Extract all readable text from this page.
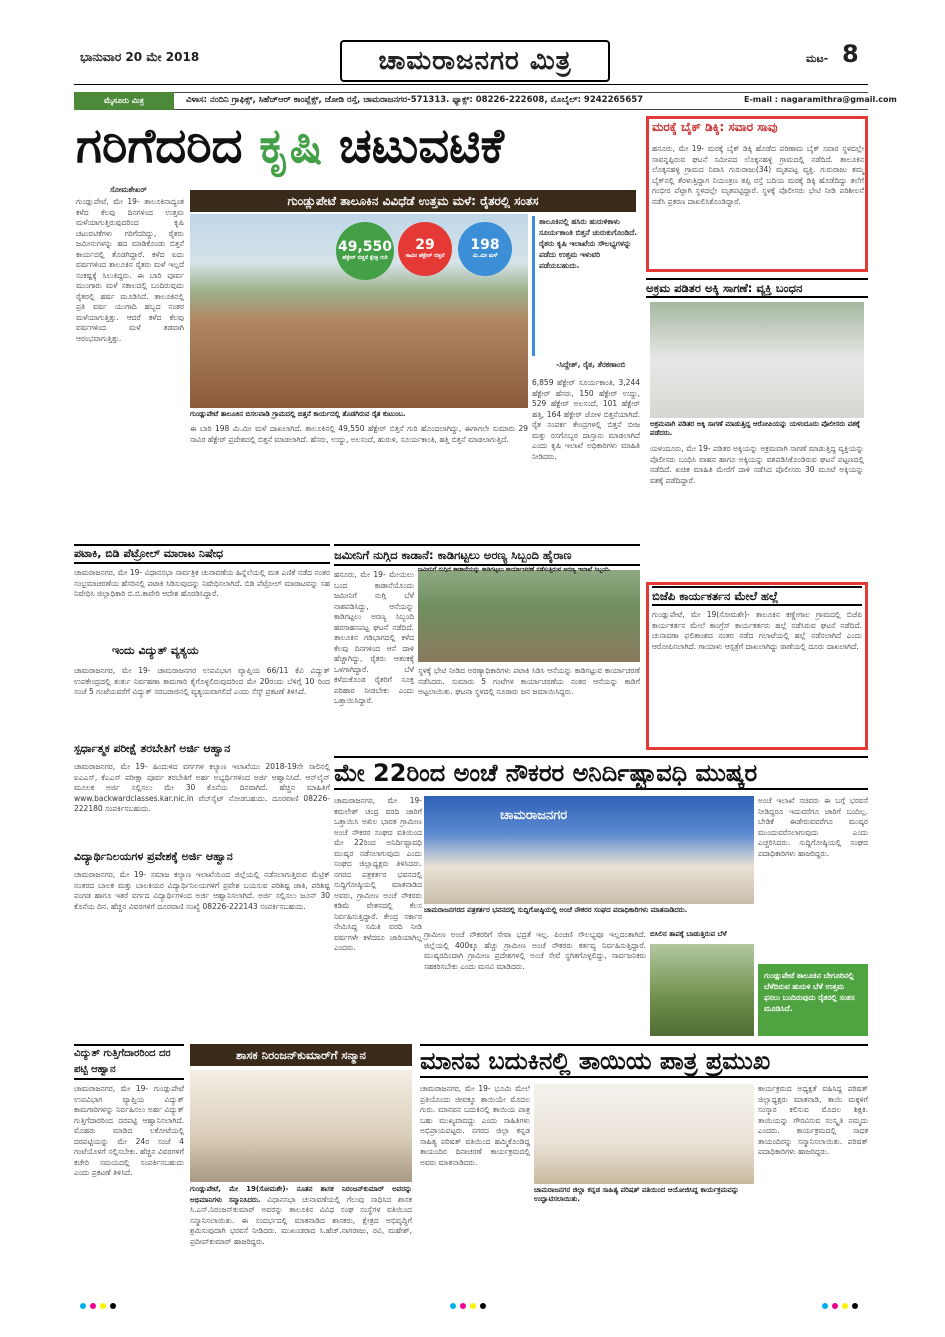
ಭಾನುವಾರ 20 ಮೇ 2018	ಚಾಮರಾಜನಗರ ಮಿತ್ರ	ಮಟ- 8
ಮೈಸೂರು ಮಿತ್ರ	ವಿಳಾಸ: ನಂದಿನಿ ಗ್ರಾಫಿಕ್ಸ್, ಸಿಹೆಚ್‌ಆರ್ ಕಾಂಪ್ಲೆಕ್ಸ್, ಜೋಡಿ ರಸ್ತೆ, ಚಾಮರಾಜನಗರ-571313. ಫ್ಯಾಕ್ಸ್: 08226-222608, ಮೊಬೈಲ್: 9242265657	E-mail : nagaramithra@gmail.com
ಗರಿಗೆದರಿದ ಕೃಷಿ ಚಟುವಟಿಕೆ
ಗುಂಡ್ಲುಪೇಟೆ ತಾಲೂಕಿನ ವಿವಿಧೆಡೆ ಉತ್ತಮ ಮಳೆ: ರೈತರಲ್ಲಿ ಸಂತಸ
ಸೋಮಶೇಖರ್
ಗುಂಡ್ಲುಪೇಟೆ, ಮೇ 19- ತಾಲೂಕಿನಾದ್ಯಂತ ಕಳೆದ ಕೆಲವು ದಿನಗಳಿಂದ ಉತ್ತಮ ಮಳೆಯಾಗುತ್ತಿರುವುದರಿಂದ ಕೃಷಿ ಚಟುವಟಿಕೆಗಳು ಗರಿಗೆದರಿದ್ದು, ರೈತರು ಜಮೀನುಗಳನ್ನು ಹದ ಮಾಡಿಕೊಂಡು ಬಿತ್ತನೆ ಕಾರ್ಯದಲ್ಲಿ ತೊಡಗಿದ್ದಾರೆ. ಕಳೆದ ಐದು ವರ್ಷಗಳಿಂದ ತಾಲೂಕಿನ ರೈತರು ಮಳೆ ಇಲ್ಲದೆ ಸಂಕಷ್ಟಕ್ಕೆ ಸಿಲುಕಿದ್ದರು. ಈ ಬಾರಿ ಪೂರ್ವ ಮುಂಗಾರು ಮಳೆ ಸಕಾಲದಲ್ಲಿ ಬಂದಿರುವುದು ರೈತರಲ್ಲಿ ಹರ್ಷ ಮೂಡಿಸಿದೆ. ತಾಲೂಕಿನಲ್ಲಿ ಪ್ರತಿ ವರ್ಷ ಯುಗಾದಿ ಹಬ್ಬದ ನಂತರ ಮಳೆಯಾಗುತ್ತಿತ್ತು. ಆದರೆ ಕಳೆದ ಕೆಲವು ವರ್ಷಗಳಿಂದ ಮಳೆ ತಡವಾಗಿ ಆರಂಭವಾಗುತ್ತಿತ್ತು.
49,550
ಹೆಕ್ಟೇರ್ ಬಿತ್ತನೆ ಕ್ಷೇತ್ರ ಗುರಿ
29
ಸಾವಿರ ಹೆಕ್ಟೇರ್ ಬಿತ್ತನೆ
198
ಮಿ.ಮೀ ಮಳೆ
ಗುಂಡ್ಲುಪೇಟೆ ತಾಲೂಕಿನ ಬಿಸಲವಾಡಿ ಗ್ರಾಮದಲ್ಲಿ ಬಿತ್ತನೆ ಕಾರ್ಯದಲ್ಲಿ ತೊಡಗಿರುವ ರೈತ ಕುಟುಂಬ.
ತಾಲೂಕಿನಲ್ಲಿ ಹಸಿರು ಹುರುಳಿಕಾಳು ಸೂರ್ಯಕಾಂತಿ ಬಿತ್ತನೆ ಚುರುಕುಗೊಂಡಿದೆ. ರೈತರು ಕೃಷಿ ಇಲಾಖೆಯ ಸೌಲಭ್ಯಗಳನ್ನು ಪಡೆದು ಉತ್ತಮ ಇಳುವರಿ ಪಡೆಯಬಹುದು.
-ಸಿದ್ದೇಶ್, ರೈತ, ತೆರಕಣಾಂಬಿ
6,859 ಹೆಕ್ಟೇರ್ ಸೂರ್ಯಕಾಂತಿ, 3,244 ಹೆಕ್ಟೇರ್ ಹೆಸರು, 150 ಹೆಕ್ಟೇರ್ ಉದ್ದು, 529 ಹೆಕ್ಟೇರ್ ಅಲಸಂದೆ, 101 ಹೆಕ್ಟೇರ್ ಹತ್ತಿ, 164 ಹೆಕ್ಟೇರ್ ಜೋಳ ಬಿತ್ತನೆಯಾಗಿದೆ. ರೈತ ಸಂಪರ್ಕ ಕೇಂದ್ರಗಳಲ್ಲಿ ಬಿತ್ತನೆ ಬೀಜ ಮತ್ತು ರಸಗೊಬ್ಬರ ದಾಸ್ತಾನು ಮಾಡಲಾಗಿದೆ ಎಂದು ಕೃಷಿ ಇಲಾಖೆ ಅಧಿಕಾರಿಗಳು ಮಾಹಿತಿ ನೀಡಿದರು.
ಈ ಬಾರಿ 198 ಮಿ.ಮೀ ಮಳೆ ದಾಖಲಾಗಿದೆ. ತಾಲೂಕಿನಲ್ಲಿ 49,550 ಹೆಕ್ಟೇರ್ ಬಿತ್ತನೆ ಗುರಿ ಹೊಂದಲಾಗಿದ್ದು, ಈಗಾಗಲೇ ಸುಮಾರು 29 ಸಾವಿರ ಹೆಕ್ಟೇರ್ ಪ್ರದೇಶದಲ್ಲಿ ಬಿತ್ತನೆ ಮಾಡಲಾಗಿದೆ. ಹೆಸರು, ಉದ್ದು, ಅಲಸಂದೆ, ಹುರುಳಿ, ಸೂರ್ಯಕಾಂತಿ, ಹತ್ತಿ ಬಿತ್ತನೆ ಮಾಡಲಾಗುತ್ತಿದೆ.
ಮರಕ್ಕೆ ಬೈಕ್ ಡಿಕ್ಕಿ: ಸವಾರ ಸಾವು
ಹನೂರು, ಮೇ 19- ಮರಕ್ಕೆ ಬೈಕ್ ಡಿಕ್ಕಿ ಹೊಡೆದ ಪರಿಣಾಮ ಬೈಕ್ ಸವಾರ ಸ್ಥಳದಲ್ಲೇ ಸಾವನ್ನಪ್ಪಿರುವ ಘಟನೆ ಸಮೀಪದ ಲೊಕ್ಕನಹಳ್ಳಿ ಗ್ರಾಮದಲ್ಲಿ ನಡೆದಿದೆ. ತಾಲೂಕಿನ ಲೊಕ್ಕನಹಳ್ಳಿ ಗ್ರಾಮದ ನಿವಾಸಿ ಗುರುರಾಜು(34) ಮೃತಪಟ್ಟ ವ್ಯಕ್ತಿ. ಗುರುರಾಜು ತಮ್ಮ ಬೈಕ್‌ನಲ್ಲಿ ತೆರಳುತ್ತಿದ್ದಾಗ ನಿಯಂತ್ರಣ ತಪ್ಪಿ ರಸ್ತೆ ಬದಿಯ ಮರಕ್ಕೆ ಡಿಕ್ಕಿ ಹೊಡೆದಿದ್ದು ತಲೆಗೆ ಗಂಭೀರ ಪೆಟ್ಟಾಗಿ ಸ್ಥಳದಲ್ಲೇ ಮೃತಪಟ್ಟಿದ್ದಾರೆ. ಸ್ಥಳಕ್ಕೆ ಪೊಲೀಸರು ಭೇಟಿ ನೀಡಿ ಪರಿಶೀಲನೆ ನಡೆಸಿ ಪ್ರಕರಣ ದಾಖಲಿಸಿಕೊಂಡಿದ್ದಾರೆ.
ಅಕ್ರಮ ಪಡಿತರ ಅಕ್ಕಿ ಸಾಗಣೆ: ವ್ಯಕ್ತಿ ಬಂಧನ
ಅಕ್ರಮವಾಗಿ ಪಡಿತರ ಅಕ್ಕಿ ಸಾಗಣೆ ಮಾಡುತ್ತಿದ್ದ ಆರೋಪಿಯನ್ನು ಯಳಂದೂರು ಪೊಲೀಸರು ವಶಕ್ಕೆ ಪಡೆದರು.
ಯಳಂದೂರು, ಮೇ 19- ಪಡಿತರ ಅಕ್ಕಿಯನ್ನು ಅಕ್ರಮವಾಗಿ ಸಾಗಣೆ ಮಾಡುತ್ತಿದ್ದ ವ್ಯಕ್ತಿಯನ್ನು ಪೊಲೀಸರು ಬಂಧಿಸಿ ವಾಹನ ಹಾಗೂ ಅಕ್ಕಿಯನ್ನು ವಶಪಡಿಸಿಕೊಂಡಿರುವ ಘಟನೆ ಪಟ್ಟಣದಲ್ಲಿ ನಡೆದಿದೆ. ಖಚಿತ ಮಾಹಿತಿ ಮೇರೆಗೆ ದಾಳಿ ನಡೆಸಿದ ಪೊಲೀಸರು 30 ಮೂಟೆ ಅಕ್ಕಿಯನ್ನು ವಶಕ್ಕೆ ಪಡೆದಿದ್ದಾರೆ.
ಬಿಜೆಪಿ ಕಾರ್ಯಕರ್ತನ ಮೇಲೆ ಹಲ್ಲೆ
ಗುಂಡ್ಲುಪೇಟೆ, ಮೇ 19(ಸೋಮಶೇ)- ತಾಲೂಕಿನ ಕಣ್ಣೇಗಾಲ ಗ್ರಾಮದಲ್ಲಿ ಬಿಜೆಪಿ ಕಾರ್ಯಕರ್ತನ ಮೇಲೆ ಕಾಂಗ್ರೆಸ್ ಕಾರ್ಯಕರ್ತರು ಹಲ್ಲೆ ನಡೆಸಿರುವ ಘಟನೆ ನಡೆದಿದೆ. ಚುನಾವಣಾ ಫಲಿತಾಂಶದ ನಂತರ ನಡೆದ ಗಲಾಟೆಯಲ್ಲಿ ಹಲ್ಲೆ ನಡೆಸಲಾಗಿದೆ ಎಂದು ಆರೋಪಿಸಲಾಗಿದೆ. ಗಾಯಾಳು ಆಸ್ಪತ್ರೆಗೆ ದಾಖಲಾಗಿದ್ದು ಠಾಣೆಯಲ್ಲಿ ದೂರು ದಾಖಲಾಗಿದೆ.
ಪಟಾಕಿ, ಬಿಡಿ ಪೆಟ್ರೋಲ್ ಮಾರಾಟ ನಿಷೇಧ
ಚಾಮರಾಜನಗರ, ಮೇ 19- ವಿಧಾನಸಭಾ ಸಾರ್ವತ್ರಿಕ ಚುನಾವಣೆಯ ಹಿನ್ನೆಲೆಯಲ್ಲಿ ಮತ ಎಣಿಕೆ ನಡೆದ ನಂತರ ಸಂಭ್ರಮಾಚರಣೆಯ ಹೆಸರಿನಲ್ಲಿ ಪಟಾಕಿ ಸಿಡಿಸುವುದನ್ನು ನಿಷೇಧಿಸಲಾಗಿದೆ. ಬಿಡಿ ಪೆಟ್ರೋಲ್ ಮಾರಾಟವನ್ನು ಸಹ ನಿಷೇಧಿಸಿ ಜಿಲ್ಲಾಧಿಕಾರಿ ಬಿ.ಬಿ.ಕಾವೇರಿ ಆದೇಶ ಹೊರಡಿಸಿದ್ದಾರೆ.
ಇಂದು ವಿದ್ಯುತ್ ವ್ಯತ್ಯಯ
ಚಾಮರಾಜನಗರ, ಮೇ 19- ಚಾಮರಾಜನಗರ ಉಪವಿಭಾಗ ವ್ಯಾಪ್ತಿಯ 66/11 ಕೆವಿ ವಿದ್ಯುತ್ ಉಪಕೇಂದ್ರದಲ್ಲಿ ತುರ್ತು ನಿರ್ವಹಣಾ ಕಾಮಗಾರಿ ಕೈಗೊಳ್ಳಲಿರುವುದರಿಂದ ಮೇ 20ರಂದು ಬೆಳಿಗ್ಗೆ 10 ರಿಂದ ಸಂಜೆ 5 ಗಂಟೆಯವರೆಗೆ ವಿದ್ಯುತ್ ಸರಬರಾಜಿನಲ್ಲಿ ವ್ಯತ್ಯಯವಾಗಲಿದೆ ಎಂದು ಸೆಸ್ಕ್ ಪ್ರಕಟಣೆ ತಿಳಿಸಿದೆ.
ಸ್ಪರ್ಧಾತ್ಮಕ ಪರೀಕ್ಷೆ ತರಬೇತಿಗೆ ಅರ್ಜಿ ಆಹ್ವಾನ
ಚಾಮರಾಜನಗರ, ಮೇ 19- ಹಿಂದುಳಿದ ವರ್ಗಗಳ ಕಲ್ಯಾಣ ಇಲಾಖೆಯು 2018-19ನೇ ಸಾಲಿನಲ್ಲಿ ಐಎಎಸ್, ಕೆಎಎಸ್ ಪರೀಕ್ಷಾ ಪೂರ್ವ ತರಬೇತಿಗೆ ಅರ್ಹ ಅಭ್ಯರ್ಥಿಗಳಿಂದ ಅರ್ಜಿ ಆಹ್ವಾನಿಸಿದೆ. ಆನ್‌ಲೈನ್ ಮೂಲಕ ಅರ್ಜಿ ಸಲ್ಲಿಸಲು ಮೇ 30 ಕೊನೆಯ ದಿನವಾಗಿದೆ. ಹೆಚ್ಚಿನ ಮಾಹಿತಿಗೆ www.backwardclasses.kar.nic.in ವೆಬ್‌ಸೈಟ್ ನೋಡಬಹುದು. ದೂರವಾಣಿ 08226-222180 ಸಂಪರ್ಕಿಸಬಹುದು.
ವಿದ್ಯಾರ್ಥಿನಿಲಯಗಳ ಪ್ರವೇಶಕ್ಕೆ ಅರ್ಜಿ ಆಹ್ವಾನ
ಚಾಮರಾಜನಗರ, ಮೇ 19- ಸಮಾಜ ಕಲ್ಯಾಣ ಇಲಾಖೆಯಿಂದ ಜಿಲ್ಲೆಯಲ್ಲಿ ನಡೆಸಲಾಗುತ್ತಿರುವ ಮೆಟ್ರಿಕ್ ನಂತರದ ಬಾಲಕ ಮತ್ತು ಬಾಲಕಿಯರ ವಿದ್ಯಾರ್ಥಿನಿಲಯಗಳಿಗೆ ಪ್ರವೇಶ ಬಯಸುವ ಪರಿಶಿಷ್ಟ ಜಾತಿ, ಪರಿಶಿಷ್ಟ ಪಂಗಡ ಹಾಗೂ ಇತರೆ ವರ್ಗದ ವಿದ್ಯಾರ್ಥಿಗಳಿಂದ ಅರ್ಜಿ ಆಹ್ವಾನಿಸಲಾಗಿದೆ. ಅರ್ಜಿ ಸಲ್ಲಿಸಲು ಜೂನ್ 30 ಕೊನೆಯ ದಿನ. ಹೆಚ್ಚಿನ ವಿವರಗಳಿಗೆ ದೂರವಾಣಿ ಸಂಖ್ಯೆ 08226-222143 ಸಂಪರ್ಕಿಸಬಹುದು.
ಜಮೀನಿಗೆ ನುಗ್ಗಿದ ಕಾಡಾನೆ: ಕಾಡಿಗಟ್ಟಲು ಅರಣ್ಯ ಸಿಬ್ಬಂದಿ ಹೈರಾಣ
ಹನೂರು, ಮೇ 19- ಮೇಯಲು ಬಂದ ಕಾಡಾನೆಯೊಂದು ಜಮೀನಿಗೆ ನುಗ್ಗಿ ಬೆಳೆ ನಾಶಪಡಿಸಿದ್ದು, ಆನೆಯನ್ನು ಕಾಡಿಗಟ್ಟಲು ಅರಣ್ಯ ಸಿಬ್ಬಂದಿ ಹರಸಾಹಸಪಟ್ಟ ಘಟನೆ ನಡೆದಿದೆ. ತಾಲೂಕಿನ ಗಡಿಭಾಗದಲ್ಲಿ ಕಳೆದ ಕೆಲವು ದಿನಗಳಿಂದ ಆನೆ ದಾಳಿ ಹೆಚ್ಚಾಗಿದ್ದು, ರೈತರು ಆತಂಕಕ್ಕೆ ಒಳಗಾಗಿದ್ದಾರೆ. ಬೆಳೆ ಕಳೆದುಕೊಂಡ ರೈತರಿಗೆ ಸೂಕ್ತ ಪರಿಹಾರ ನೀಡಬೇಕು ಎಂದು ಒತ್ತಾಯಿಸಿದ್ದಾರೆ.
ಜಮೀನಿಗೆ ನುಗ್ಗಿದ ಕಾಡಾನೆಯನ್ನು ಕಾಡಿಗಟ್ಟಲು ಕಾರ್ಯಾಚರಣೆ ನಡೆಸುತ್ತಿರುವ ಅರಣ್ಯ ಇಲಾಖೆ ಸಿಬ್ಬಂದಿ.
ಸ್ಥಳಕ್ಕೆ ಭೇಟಿ ನೀಡಿದ ಅರಣ್ಯಾಧಿಕಾರಿಗಳು ಪಟಾಕಿ ಸಿಡಿಸಿ ಆನೆಯನ್ನು ಕಾಡಿಗಟ್ಟುವ ಕಾರ್ಯಾಚರಣೆ ನಡೆಸಿದರು. ಸುಮಾರು 5 ಗಂಟೆಗಳ ಕಾರ್ಯಾಚರಣೆಯ ನಂತರ ಆನೆಯನ್ನು ಕಾಡಿಗೆ ಅಟ್ಟಲಾಯಿತು. ಘಟನಾ ಸ್ಥಳದಲ್ಲಿ ನೂರಾರು ಜನ ಜಮಾಯಿಸಿದ್ದರು.
ಮೇ 22ರಿಂದ ಅಂಚೆ ನೌಕರರ ಅನಿರ್ದಿಷ್ಟಾವಧಿ ಮುಷ್ಕರ
ಚಾಮರಾಜನಗರ, ಮೇ 19- ಕಮಲೇಶ್ ಚಂದ್ರ ವರದಿ ಜಾರಿಗೆ ಒತ್ತಾಯಿಸಿ ಅಖಿಲ ಭಾರತ ಗ್ರಾಮೀಣ ಅಂಚೆ ನೌಕರರ ಸಂಘದ ವತಿಯಿಂದ ಮೇ 22ರಿಂದ ಅನಿರ್ದಿಷ್ಟಾವಧಿ ಮುಷ್ಕರ ನಡೆಸಲಾಗುವುದು ಎಂದು ಸಂಘದ ಜಿಲ್ಲಾಧ್ಯಕ್ಷರು ತಿಳಿಸಿದರು. ನಗರದ ಪತ್ರಕರ್ತರ ಭವನದಲ್ಲಿ ಸುದ್ದಿಗೋಷ್ಠಿಯಲ್ಲಿ ಮಾತನಾಡಿದ ಅವರು, ಗ್ರಾಮೀಣ ಅಂಚೆ ನೌಕರರು ಕಡಿಮೆ ವೇತನದಲ್ಲಿ ಕೆಲಸ ನಿರ್ವಹಿಸುತ್ತಿದ್ದಾರೆ. ಕೇಂದ್ರ ಸರ್ಕಾರ ನೇಮಿಸಿದ್ದ ಸಮಿತಿ ವರದಿ ನೀಡಿ ವರ್ಷಗಳೇ ಕಳೆದರೂ ಜಾರಿಯಾಗಿಲ್ಲ ಎಂದರು.
ಚಾಮರಾಜನಗರ
ಅಂಚೆ ಇಲಾಖೆ ಸಚಿವರು ಈ ಬಗ್ಗೆ ಭರವಸೆ ನೀಡಿದ್ದರೂ ಇದುವರೆಗೂ ಜಾರಿಗೆ ಬಂದಿಲ್ಲ. ಬೇಡಿಕೆ ಈಡೇರುವವರೆಗೂ ಮುಷ್ಕರ ಮುಂದುವರೆಸಲಾಗುವುದು ಎಂದು ಎಚ್ಚರಿಸಿದರು. ಸುದ್ದಿಗೋಷ್ಠಿಯಲ್ಲಿ ಸಂಘದ ಪದಾಧಿಕಾರಿಗಳು ಹಾಜರಿದ್ದರು.
ಚಾಮರಾಜನಗರದ ಪತ್ರಕರ್ತರ ಭವನದಲ್ಲಿ ಸುದ್ದಿಗೋಷ್ಠಿಯಲ್ಲಿ ಅಂಚೆ ನೌಕರರ ಸಂಘದ ಪದಾಧಿಕಾರಿಗಳು ಮಾತನಾಡಿದರು.
ಗ್ರಾಮೀಣ ಅಂಚೆ ನೌಕರರಿಗೆ ಸೇವಾ ಭದ್ರತೆ ಇಲ್ಲ. ಪಿಂಚಣಿ ಸೌಲಭ್ಯವೂ ಇಲ್ಲದಂತಾಗಿದೆ. ಜಿಲ್ಲೆಯಲ್ಲಿ 400ಕ್ಕೂ ಹೆಚ್ಚು ಗ್ರಾಮೀಣ ಅಂಚೆ ನೌಕರರು ಕರ್ತವ್ಯ ನಿರ್ವಹಿಸುತ್ತಿದ್ದಾರೆ. ಮುಷ್ಕರದಿಂದಾಗಿ ಗ್ರಾಮೀಣ ಪ್ರದೇಶಗಳಲ್ಲಿ ಅಂಚೆ ಸೇವೆ ಸ್ಥಗಿತಗೊಳ್ಳಲಿದ್ದು, ಸಾರ್ವಜನಿಕರು ಸಹಕರಿಸಬೇಕು ಎಂದು ಮನವಿ ಮಾಡಿದರು.
ಬಿಸಿಲಿನ ತಾಪಕ್ಕೆ ಬಾಡುತ್ತಿರುವ ಬೆಳೆ
ಗುಂಡ್ಲುಪೇಟೆ ತಾಲೂಕಿನ ಬೇಗೂರಿನಲ್ಲಿ ಬೆಳೆದಿರುವ ಹುರುಳಿ ಬೆಳೆ ಉತ್ತಮ ಫಸಲು ಬಂದಿರುವುದು ರೈತರಲ್ಲಿ ಸಂತಸ ಮೂಡಿಸಿದೆ.
ವಿದ್ಯುತ್ ಗುತ್ತಿಗೆದಾರರಿಂದ ದರ ಪಟ್ಟಿ ಆಹ್ವಾನ
ಚಾಮರಾಜನಗರ, ಮೇ 19- ಗುಂಡ್ಲುಪೇಟೆ ಉಪವಿಭಾಗ ವ್ಯಾಪ್ತಿಯ ವಿದ್ಯುತ್ ಕಾಮಗಾರಿಗಳನ್ನು ನಿರ್ವಹಿಸಲು ಅರ್ಹ ವಿದ್ಯುತ್ ಗುತ್ತಿಗೆದಾರರಿಂದ ದರಪಟ್ಟಿ ಆಹ್ವಾನಿಸಲಾಗಿದೆ. ಮೊಹರು ಮಾಡಿದ ಲಕೋಟೆಯಲ್ಲಿ ದರಪಟ್ಟಿಯನ್ನು ಮೇ 24ರ ಸಂಜೆ 4 ಗಂಟೆಯೊಳಗೆ ಸಲ್ಲಿಸಬೇಕು. ಹೆಚ್ಚಿನ ವಿವರಗಳಿಗೆ ಕಚೇರಿ ಸಮಯದಲ್ಲಿ ಸಂಪರ್ಕಿಸಬಹುದು ಎಂದು ಪ್ರಕಟಣೆ ತಿಳಿಸಿದೆ.
ಶಾಸಕ ನಿರಂಜನ್‌ಕುಮಾರ್‌ಗೆ ಸನ್ಮಾನ
ಗುಂಡ್ಲುಪೇಟೆ, ಮೇ 19(ಸೋಮಶೇ)- ನೂತನ ಶಾಸಕ ನಿರಂಜನ್‌ಕುಮಾರ್ ಅವರನ್ನು ಅಭಿಮಾನಿಗಳು ಸನ್ಮಾನಿಸಿದರು. ವಿಧಾನಸಭಾ ಚುನಾವಣೆಯಲ್ಲಿ ಗೆಲುವು ಸಾಧಿಸಿದ ಶಾಸಕ ಸಿ.ಎಸ್.ನಿರಂಜನ್‌ಕುಮಾರ್ ಅವರನ್ನು ತಾಲೂಕಿನ ವಿವಿಧ ಸಂಘ ಸಂಸ್ಥೆಗಳ ವತಿಯಿಂದ ಸನ್ಮಾನಿಸಲಾಯಿತು. ಈ ಸಂದರ್ಭದಲ್ಲಿ ಮಾತನಾಡಿದ ಶಾಸಕರು, ಕ್ಷೇತ್ರದ ಅಭಿವೃದ್ಧಿಗೆ ಶ್ರಮಿಸುವುದಾಗಿ ಭರವಸೆ ನೀಡಿದರು. ಮುಖಂಡರಾದ ಸಿ.ಹೆಚ್.ನಾಗರಾಜು, ರವಿ, ಮಹೇಶ್, ಪ್ರದೀಪ್‌ಕುಮಾರ್ ಹಾಜರಿದ್ದರು.
ಮಾನವ ಬದುಕಿನಲ್ಲಿ ತಾಯಿಯ ಪಾತ್ರ ಪ್ರಮುಖ
ಚಾಮರಾಜನಗರ, ಮೇ 19- ಭೂಮಿ ಮೇಲೆ ಪ್ರತಿಯೊಂದು ಜೀವಕ್ಕೂ ತಾಯಿಯೇ ಮೊದಲ ಗುರು. ಮಾನವನ ಬದುಕಿನಲ್ಲಿ ತಾಯಿಯ ಪಾತ್ರ ಬಹು ಮುಖ್ಯವಾದದ್ದು ಎಂದು ಸಾಹಿತಿಗಳು ಅಭಿಪ್ರಾಯಪಟ್ಟರು. ನಗರದ ಜಿಲ್ಲಾ ಕನ್ನಡ ಸಾಹಿತ್ಯ ಪರಿಷತ್ ವತಿಯಿಂದ ಹಮ್ಮಿಕೊಂಡಿದ್ದ ತಾಯಂದಿರ ದಿನಾಚರಣೆ ಕಾರ್ಯಕ್ರಮದಲ್ಲಿ ಅವರು ಮಾತನಾಡಿದರು.
ಚಾಮರಾಜನಗರ ಜಿಲ್ಲಾ ಕನ್ನಡ ಸಾಹಿತ್ಯ ಪರಿಷತ್ ವತಿಯಿಂದ ಆಯೋಜಿಸಿದ್ದ ಕಾರ್ಯಕ್ರಮವನ್ನು ಉದ್ಘಾಟಿಸಲಾಯಿತು.
ಕಾರ್ಯಕ್ರಮದ ಅಧ್ಯಕ್ಷತೆ ವಹಿಸಿದ್ದ ಪರಿಷತ್ ಜಿಲ್ಲಾಧ್ಯಕ್ಷರು ಮಾತನಾಡಿ, ತಾಯಿ ಮಕ್ಕಳಿಗೆ ಸಂಸ್ಕಾರ ಕಲಿಸುವ ಮೊದಲ ಶಿಕ್ಷಕಿ. ತಾಯಿಯನ್ನು ಗೌರವಿಸುವ ಸಂಸ್ಕೃತಿ ನಮ್ಮದು ಎಂದರು. ಕಾರ್ಯಕ್ರಮದಲ್ಲಿ ಸಾಧಕ ತಾಯಂದಿರನ್ನು ಸನ್ಮಾನಿಸಲಾಯಿತು. ಪರಿಷತ್ ಪದಾಧಿಕಾರಿಗಳು ಹಾಜರಿದ್ದರು.
